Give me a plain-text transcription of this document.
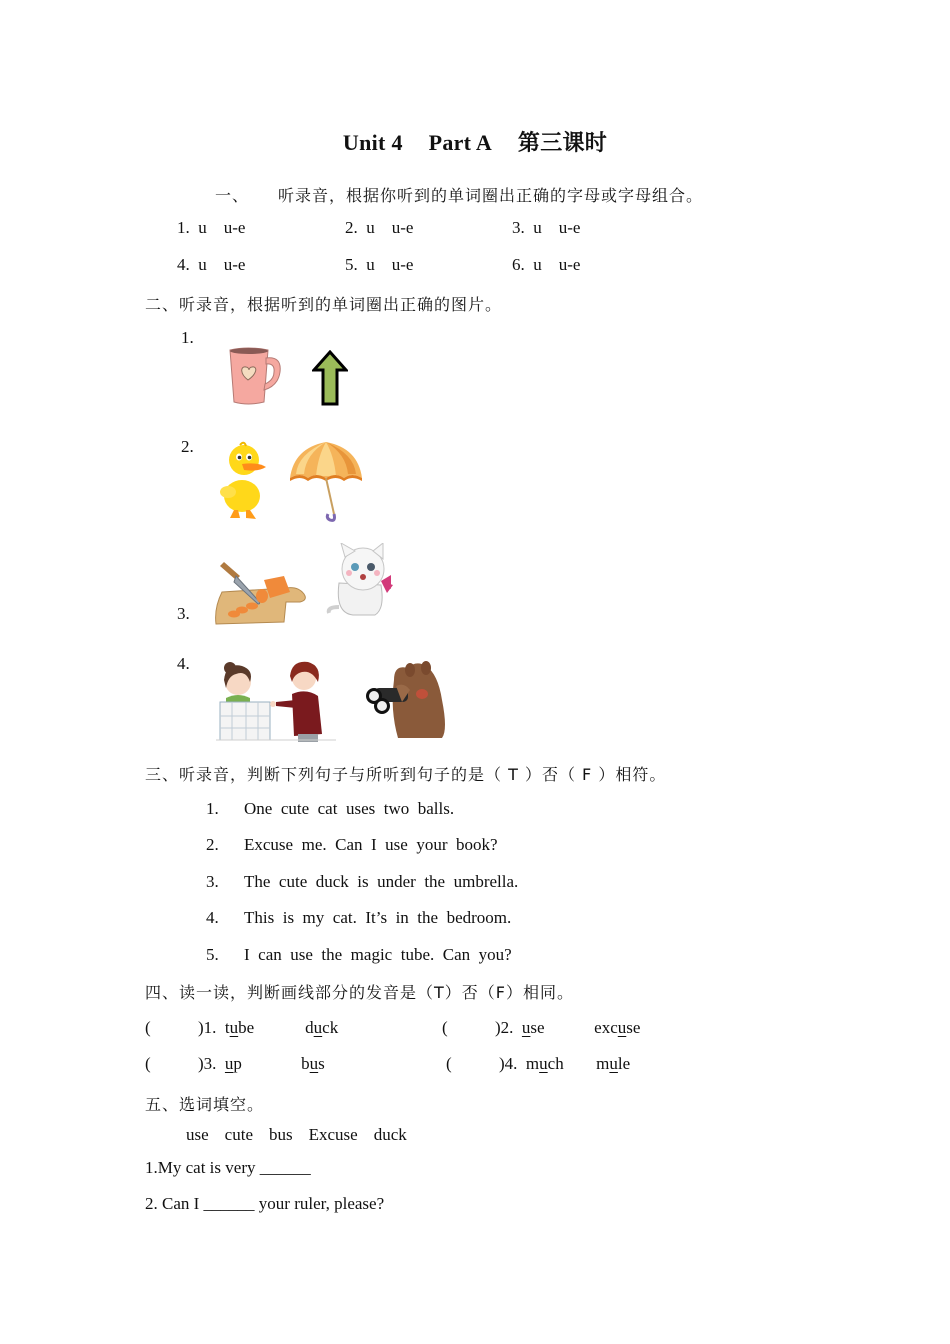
Unit 4 Part A 第三课时
一、 听录音，根据你听到的单词圈出正确的字母或字母组合。
1. u u-e	2. u u-e	3. u u-e
4. u u-e	5. u u-e	6. u u-e
二、听录音，根据听到的单词圈出正确的图片。
1.
2.
3.
4.
三、听录音，判断下列句子与所听到句子的是（ T ）否（ F ）相符。
1. One  cute  cat  uses  two  balls.
2. Excuse  me.  Can  I  use  your  book?
3. The  cute  duck  is  under  the  umbrella.
4. This  is  my  cat.  It’s  in  the  bedroom.
5. I  can  use  the  magic  tube.  Can  you?
四、读一读，判断画线部分的发音是（T）否（F）相同。
(	)1. tube	duck	(	)2. use	excuse
(	)3. up	bus	(	)4. much mule
五、选词填空。
use cute bus Excuse duck
1.My cat is very ______
2. Can I ______ your ruler, please?
